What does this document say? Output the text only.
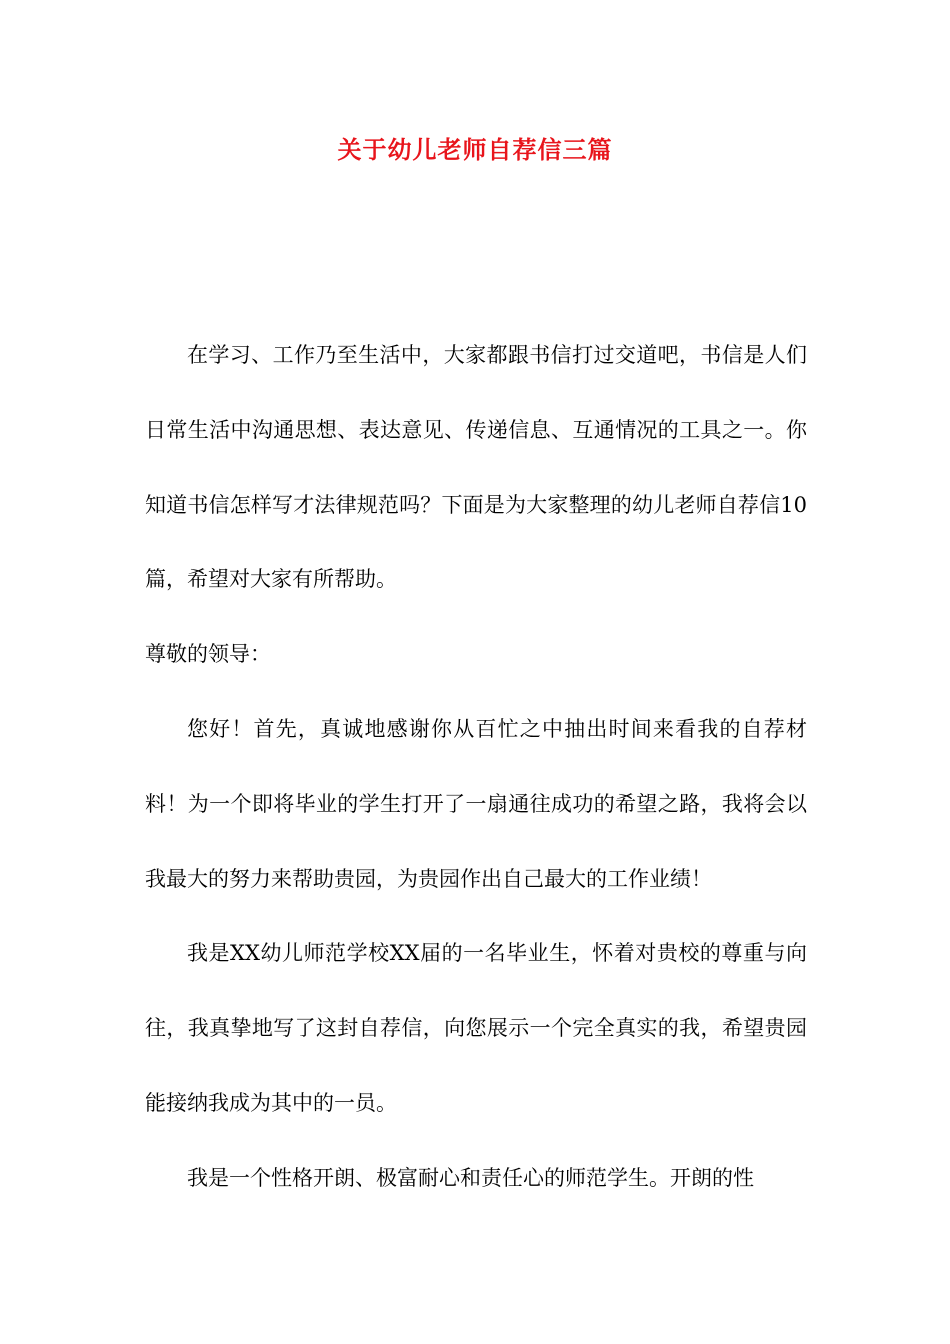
关于幼儿老师自荐信三篇

在学习、工作乃至生活中，大家都跟书信打过交道吧，书信是人们日常生活中沟通思想、表达意见、传递信息、互通情况的工具之一。你知道书信怎样写才法律规范吗？下面是为大家整理的幼儿老师自荐信10篇，希望对大家有所帮助。

尊敬的领导：

您好！首先，真诚地感谢你从百忙之中抽出时间来看我的自荐材料！为一个即将毕业的学生打开了一扇通往成功的希望之路，我将会以我最大的努力来帮助贵园，为贵园作出自己最大的工作业绩！

我是XX幼儿师范学校XX届的一名毕业生，怀着对贵校的尊重与向往，我真挚地写了这封自荐信，向您展示一个完全真实的我，希望贵园能接纳我成为其中的一员。

我是一个性格开朗、极富耐心和责任心的师范学生。开朗的性
